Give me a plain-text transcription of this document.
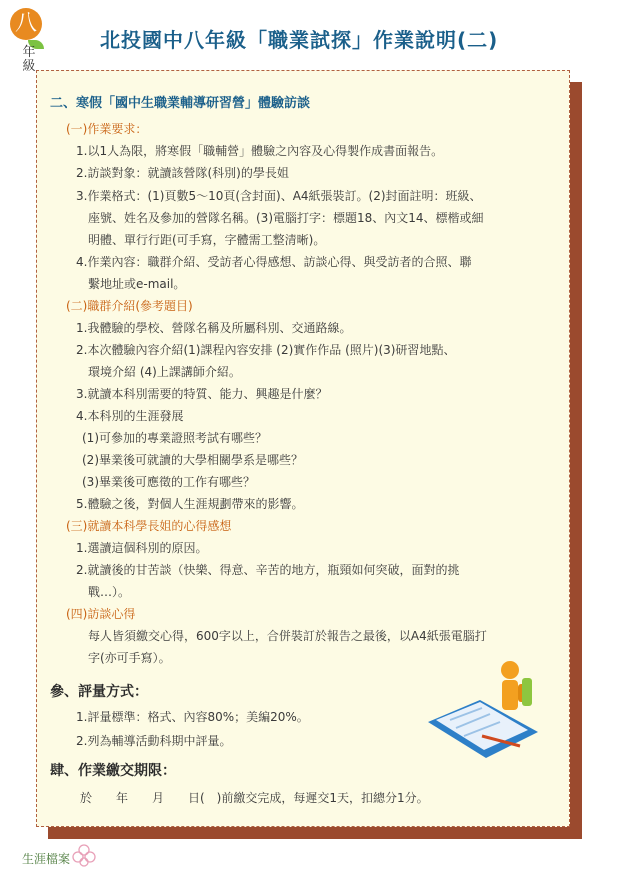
八
年級
北投國中八年級「職業試探」作業說明(二)
二、寒假「國中生職業輔導研習營」體驗訪談
(一)作業要求：
1.以1人為限，將寒假「職輔營」體驗之內容及心得製作成書面報告。
2.訪談對象：就讀該營隊(科別)的學長姐
3.作業格式：(1)頁數5〜10頁(含封面)、A4紙張裝訂。(2)封面註明：班級、
座號、姓名及參加的營隊名稱。(3)電腦打字：標題18、內文14、標楷或細
明體、單行行距(可手寫，字體需工整清晰)。
4.作業內容：職群介紹、受訪者心得感想、訪談心得、與受訪者的合照、聯
繫地址或e-mail。
(二)職群介紹(參考題目)
1.我體驗的學校、營隊名稱及所屬科別、交通路線。
2.本次體驗內容介紹(1)課程內容安排 (2)實作作品 (照片)(3)研習地點、
環境介紹 (4)上課講師介紹。
3.就讀本科別需要的特質、能力、興趣是什麼？
4.本科別的生涯發展
(1)可參加的專業證照考試有哪些？
(2)畢業後可就讀的大學相關學系是哪些？
(3)畢業後可應徵的工作有哪些？
5.體驗之後，對個人生涯規劃帶來的影響。
(三)就讀本科學長姐的心得感想
1.選讀這個科別的原因。
2.就讀後的甘苦談（快樂、得意、辛苦的地方，瓶頸如何突破，面對的挑
戰…）。
(四)訪談心得
每人皆須繳交心得，600字以上，合併裝訂於報告之最後，以A4紙張電腦打
字(亦可手寫）。
參、評量方式：
1.評量標準：格式、內容80%；美編20%。
2.列為輔導活動科期中評量。
肆、作業繳交期限：
於　　年　　月　　日(　)前繳交完成，每遲交1天，扣總分1分。
生涯檔案
